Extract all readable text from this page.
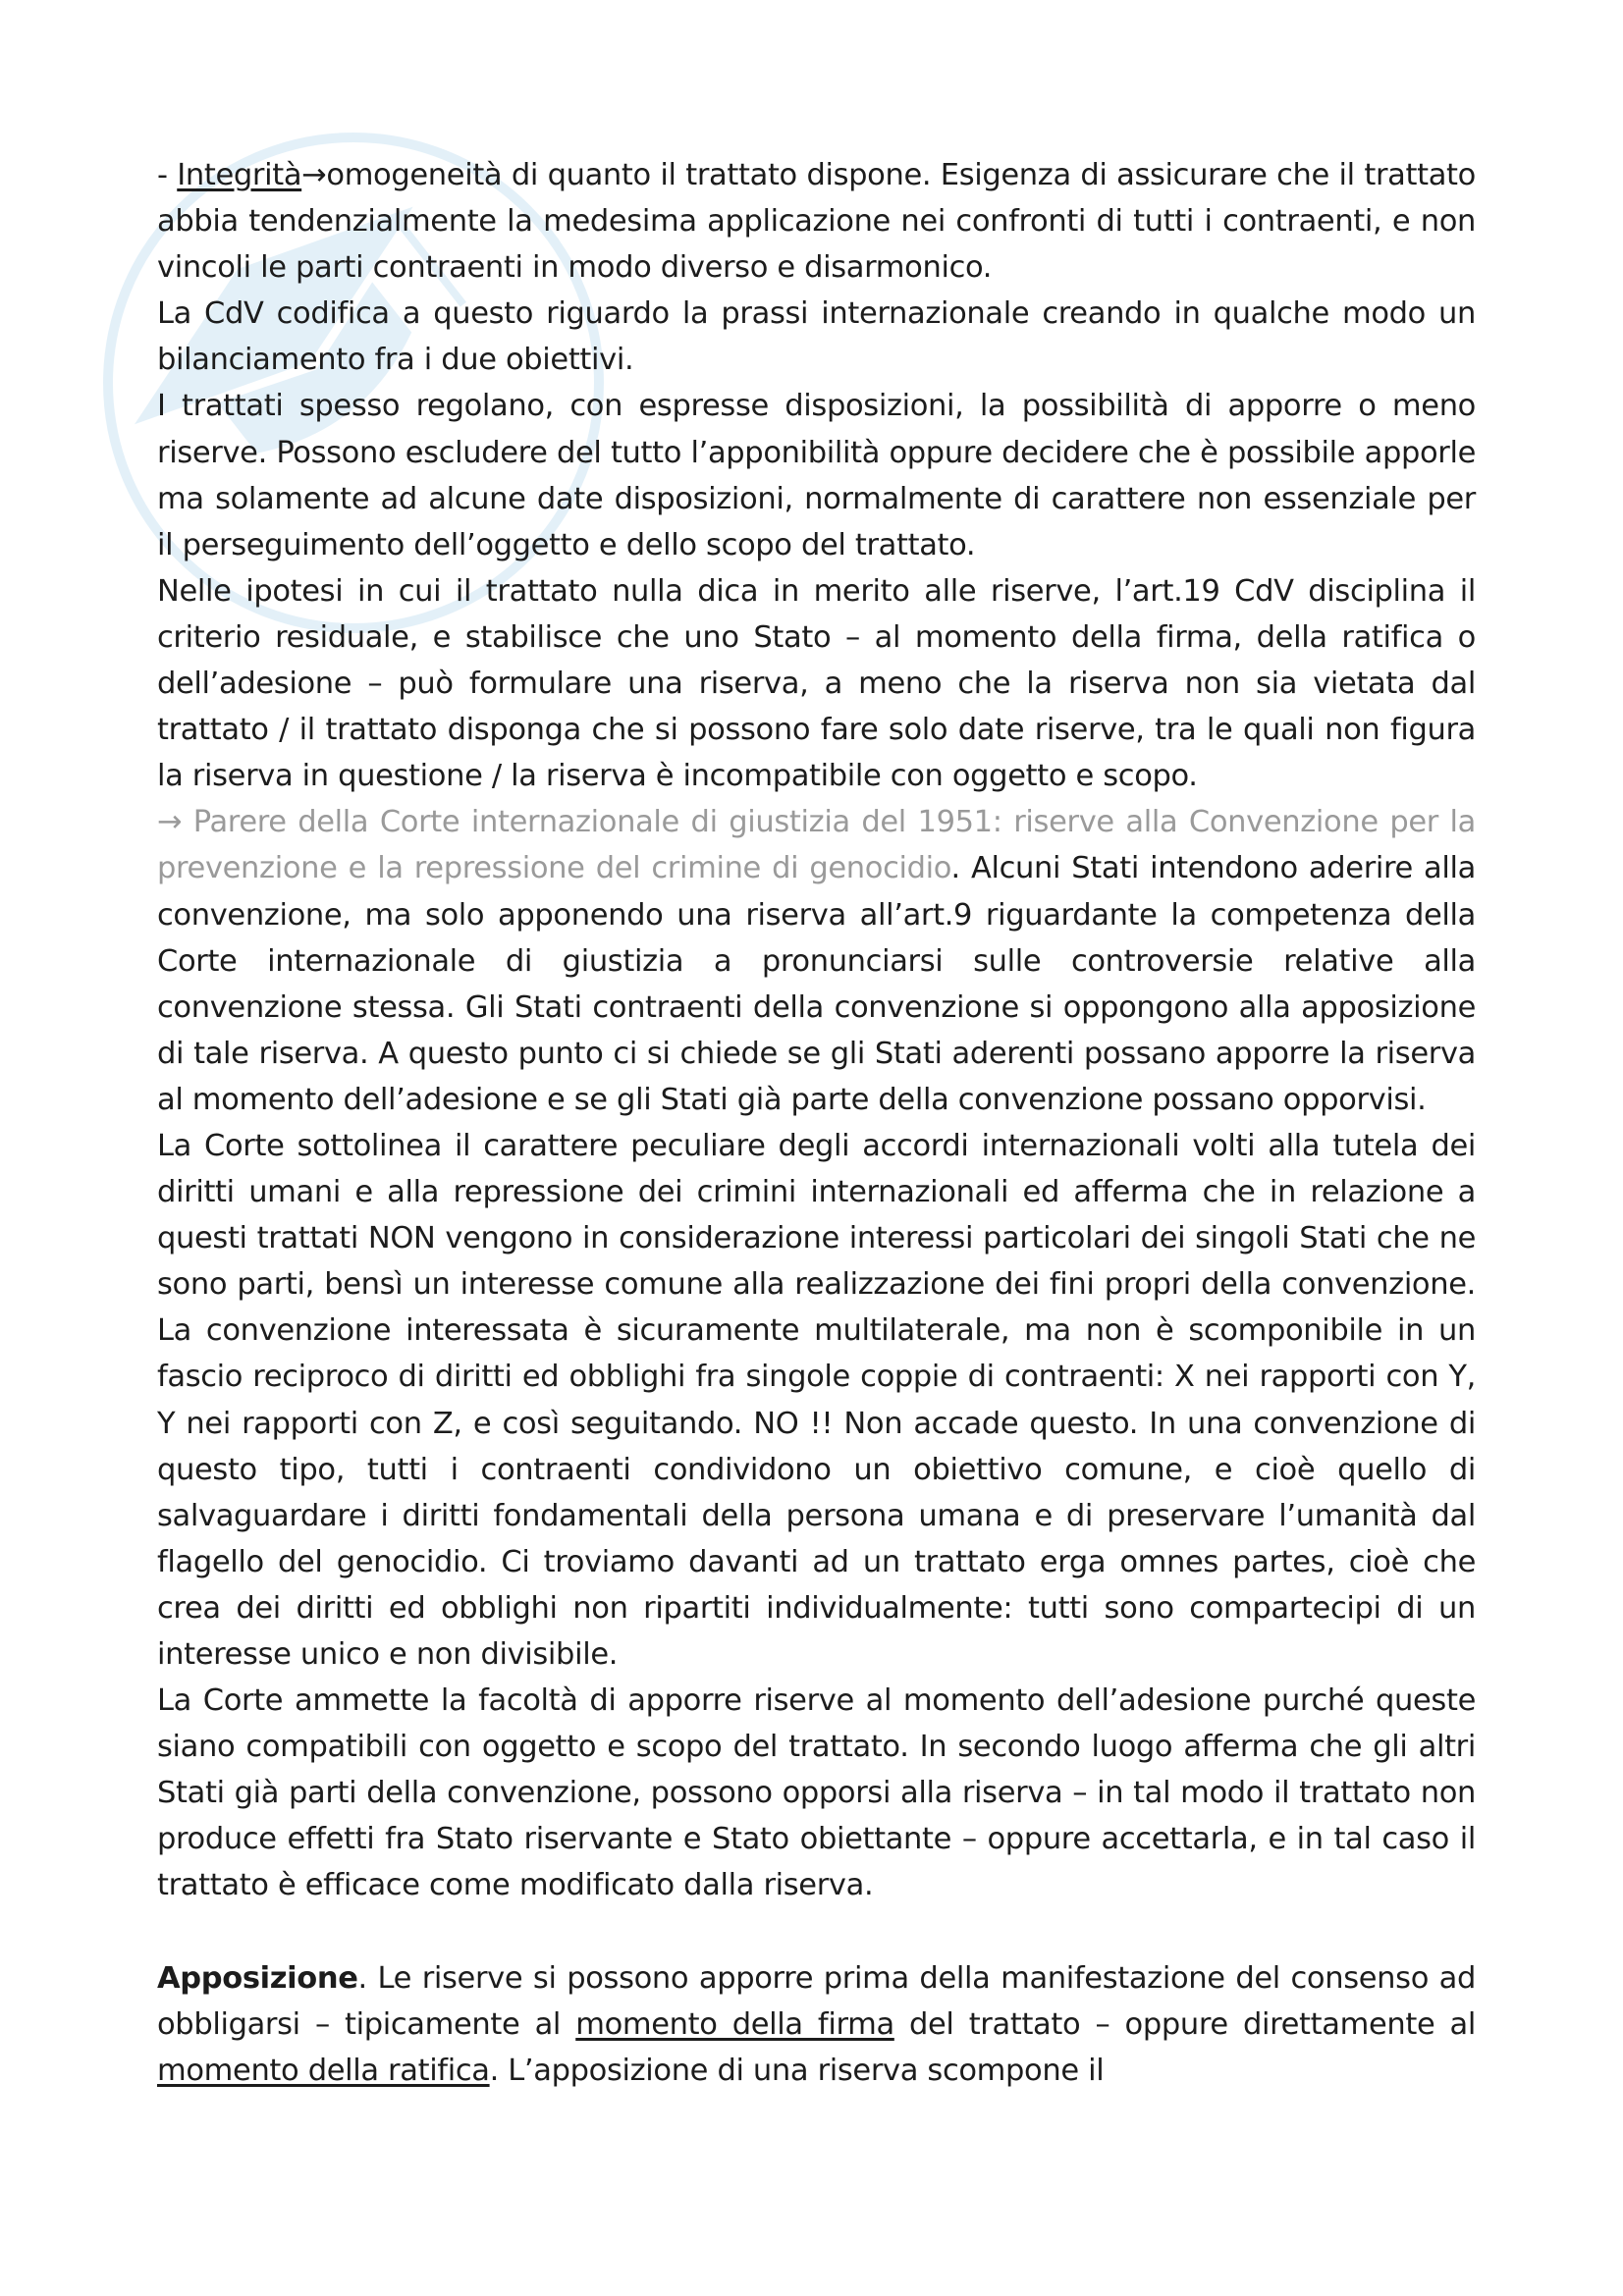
- Integrità→omogeneità di quanto il trattato dispone. Esigenza di assicurare che il trattato abbia tendenzialmente la medesima applicazione nei confronti di tutti i contraenti, e non vincoli le parti contraenti in modo diverso e disarmonico.

La CdV codifica a questo riguardo la prassi internazionale creando in qualche modo un bilanciamento fra i due obiettivi.

I trattati spesso regolano, con espresse disposizioni, la possibilità di apporre o meno riserve. Possono escludere del tutto l’apponibilità oppure decidere che è possibile apporle ma solamente ad alcune date disposizioni, normalmente di carattere non essenziale per il perseguimento dell’oggetto e dello scopo del trattato.

Nelle ipotesi in cui il trattato nulla dica in merito alle riserve, l’art.19 CdV disciplina il criterio residuale, e stabilisce che uno Stato – al momento della firma, della ratifica o dell’adesione – può formulare una riserva, a meno che la riserva non sia vietata dal trattato / il trattato disponga che si possono fare solo date riserve, tra le quali non figura la riserva in questione / la riserva è incompatibile con oggetto e scopo.

→ Parere della Corte internazionale di giustizia del 1951: riserve alla Convenzione per la prevenzione e la repressione del crimine di genocidio. Alcuni Stati intendono aderire alla convenzione, ma solo apponendo una riserva all’art.9 riguardante la competenza della Corte internazionale di giustizia a pronunciarsi sulle controversie relative alla convenzione stessa. Gli Stati contraenti della convenzione si oppongono alla apposizione di tale riserva. A questo punto ci si chiede se gli Stati aderenti possano apporre la riserva al momento dell’adesione e se gli Stati già parte della convenzione possano opporvisi.

La Corte sottolinea il carattere peculiare degli accordi internazionali volti alla tutela dei diritti umani e alla repressione dei crimini internazionali ed afferma che in relazione a questi trattati NON vengono in considerazione interessi particolari dei singoli Stati che ne sono parti, bensì un interesse comune alla realizzazione dei fini propri della convenzione. La convenzione interessata è sicuramente multilaterale, ma non è scomponibile in un fascio reciproco di diritti ed obblighi fra singole coppie di contraenti: X nei rapporti con Y, Y nei rapporti con Z, e così seguitando. NO !! Non accade questo. In una convenzione di questo tipo, tutti i contraenti condividono un obiettivo comune, e cioè quello di salvaguardare i diritti fondamentali della persona umana e di preservare l’umanità dal flagello del genocidio. Ci troviamo davanti ad un trattato erga omnes partes, cioè che crea dei diritti ed obblighi non ripartiti individualmente: tutti sono compartecipi di un interesse unico e non divisibile.

La Corte ammette la facoltà di apporre riserve al momento dell’adesione purché queste siano compatibili con oggetto e scopo del trattato. In secondo luogo afferma che gli altri Stati già parti della convenzione, possono opporsi alla riserva – in tal modo il trattato non produce effetti fra Stato riservante e Stato obiettante – oppure accettarla, e in tal caso il trattato è efficace come modificato dalla riserva.

Apposizione. Le riserve si possono apporre prima della manifestazione del consenso ad obbligarsi – tipicamente al momento della firma del trattato – oppure direttamente al momento della ratifica. L’apposizione di una riserva scompone il
